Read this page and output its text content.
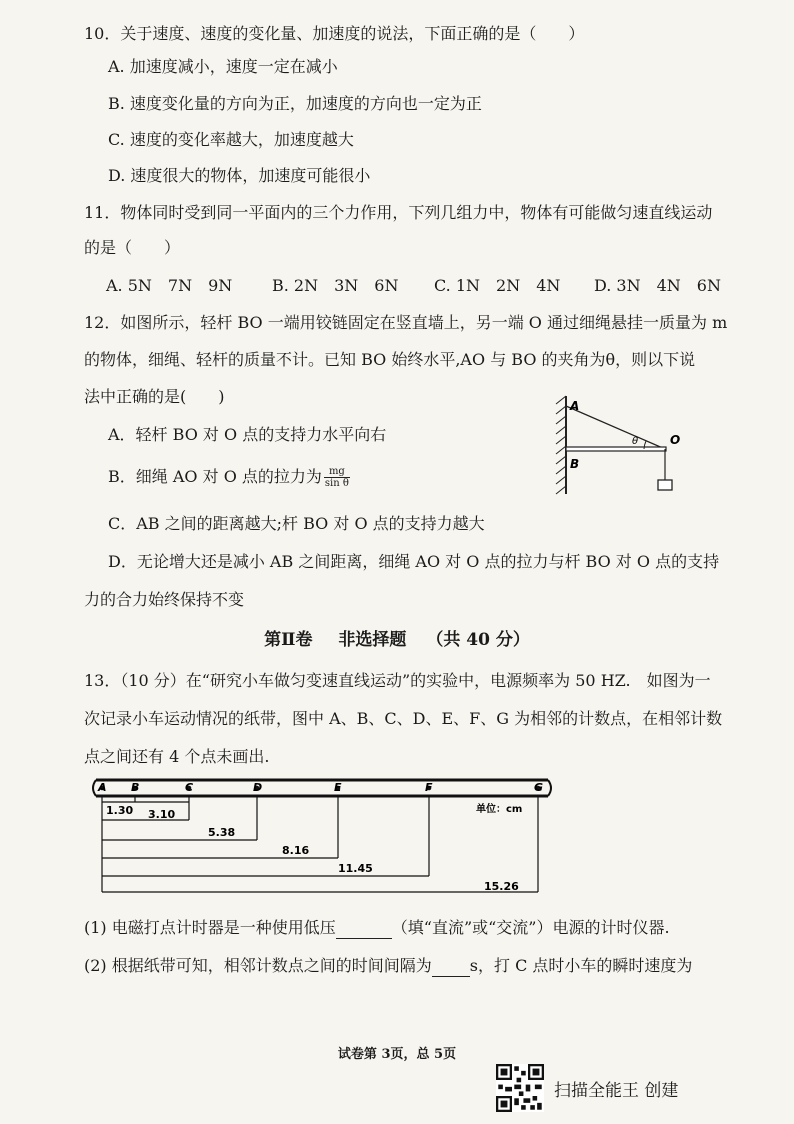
10．关于速度、速度的变化量、加速度的说法，下面正确的是（　　）
A. 加速度减小，速度一定在减小
B. 速度变化量的方向为正，加速度的方向也一定为正
C. 速度的变化率越大，加速度越大
D. 速度很大的物体，加速度可能很小
11．物体同时受到同一平面内的三个力作用，下列几组力中，物体有可能做匀速直线运动
的是（　　）
A. 5N　7N　9N B. 2N　3N　6N C. 1N　2N　4N D. 3N　4N　6N
12．如图所示，轻杆 BO 一端用铰链固定在竖直墙上，另一端 O 通过细绳悬挂一质量为 m
的物体，细绳、轻杆的质量不计。已知 BO 始终水平,AO 与 BO 的夹角为θ，则以下说
法中正确的是(　　)
A．轻杆 BO 对 O 点的支持力水平向右
B．细绳 AO 对 O 点的拉力为 $\frac{mg}{\text{sin θ}}$
C．AB 之间的距离越大;杆 BO 对 O 点的支持力越大
D．无论增大还是减小 AB 之间距离，细绳 AO 对 O 点的拉力与杆 BO 对 O 点的支持
力的合力始终保持不变
A
B
O
θ
第Ⅱ卷 非选择题 （共 40 分）
13．（10 分）在“研究小车做匀变速直线运动”的实验中，电源频率为 50 HZ.　如图为一
次记录小车运动情况的纸带，图中 A、B、C、D、E、F、G 为相邻的计数点，在相邻计数
点之间还有 4 个点未画出.
A B	C	D	E	F	G
单位：cm
1.30 3.10
5.38
8.16
11.45
15.26
(1) 电磁打点计时器是一种使用低压	（填“直流”或“交流”）电源的计时仪器.
(2) 根据纸带可知，相邻计数点之间的时间间隔为 s，打 C 点时小车的瞬时速度为
试卷第 3页，总 5页
扫描全能王 创建
